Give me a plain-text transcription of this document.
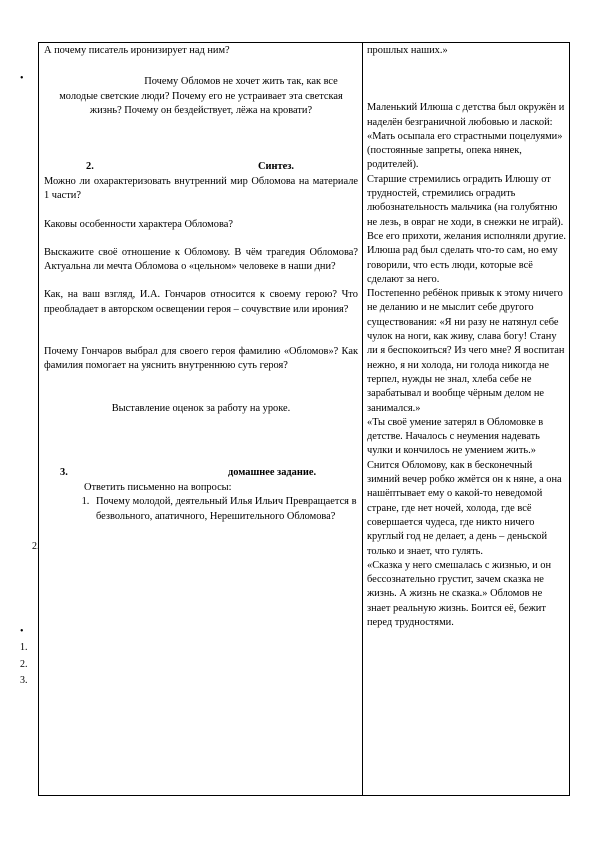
•
2.
•
1.
2.
3.

А почему писатель иронизирует над ним?

Почему Обломов не хочет жить так, как все молодые светские люди? Почему его не устраивает эта светская жизнь? Почему он бездействует, лёжа на кровати?

2.	Синтез.

Можно ли охарактеризовать внутренний мир Обломова на материале 1 части?

Каковы особенности характера Обломова?

Выскажите своё отношение к Обломову. В чём трагедия Обломова? Актуальна ли мечта Обломова о «цельном» человеке в наши дни?

Как, на ваш взгляд, И.А. Гончаров относится к своему герою? Что преобладает в авторском освещении героя – сочувствие или ирония?

Почему Гончаров выбрал для своего героя фамилию «Обломов»? Как фамилия помогает на уяснить внутреннюю суть героя?

Выставление оценок за работу на уроке.

3.	домашнее задание.

Ответить письменно на вопросы:

1. Почему молодой, деятельный Илья Ильич Превращается в безвольного, апатичного, Нерешительного Обломова?

прошлых наших.»

Маленький Илюша с детства был окружён и наделён безграничной любовью и лаской: «Мать осыпала его страстными поцелуями» (постоянные запреты, опека нянек, родителей).

Старшие стремились оградить Илюшу от трудностей, стремились оградить любознательность мальчика (на голубятню не лезь, в овраг не ходи, в снежки не играй). Все его прихоти, желания исполняли другие. Илюша рад был сделать что-то сам, но ему говорили, что есть люди, которые всё сделают за него.

Постепенно ребёнок привык к этому ничего не деланию и не мыслит себе другого существования: «Я ни разу не натянул себе чулок на ноги, как живу, слава богу! Стану ли я беспокоиться? Из чего мне? Я воспитан нежно, я ни холода, ни голода никогда не терпел, нужды не знал, хлеба себе не зарабатывал и вообще чёрным делом не занимался.»

«Ты своё умение затерял в Обломовке в детстве. Началось с неумения надевать чулки и кончилось не умением жить.»

Снится Обломову, как в бесконечный зимний вечер робко жмётся он к няне, а она нашёптывает ему о какой-то неведомой стране, где нет ночей, холода, где всё совершается чудеса, где никто ничего круглый год не делает, а день – деньской только и знает, что гулять.

«Сказка у него смешалась с жизнью, и он бессознательно грустит, зачем сказка не жизнь. А жизнь не сказка.» Обломов не знает реальную жизнь. Боится её, бежит перед трудностями.
